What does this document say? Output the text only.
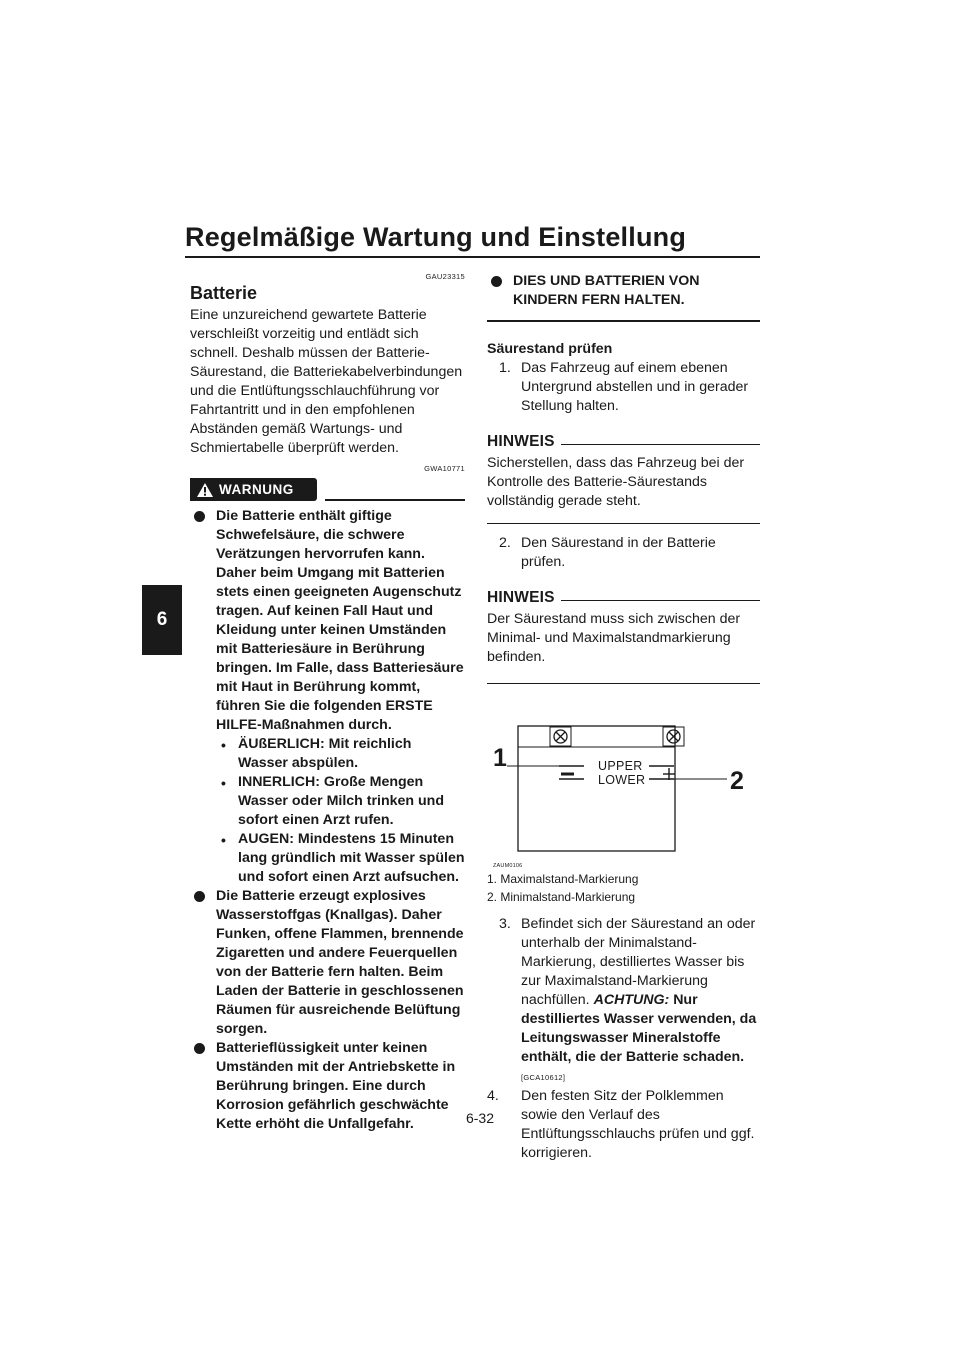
Regelmäßige Wartung und Einstellung
6
GAU23315
Batterie

Eine unzureichend gewartete Batterie verschleißt vorzeitig und entlädt sich schnell. Deshalb müssen der Batterie-Säurestand, die Batteriekabelverbindungen und die Entlüftungsschlauchführung vor Fahrtantritt und in den empfohlenen Abständen gemäß Wartungs- und Schmiertabelle überprüft werden.

GWA10771
WARNUNG
Die Batterie enthält giftige Schwefelsäure, die schwere Verätzungen hervorrufen kann. Daher beim Umgang mit Batterien stets einen geeigneten Augenschutz tragen. Auf keinen Fall Haut und Kleidung unter keinen Umständen mit Batteriesäure in Berührung bringen. Im Falle, dass Batteriesäure mit Haut in Berührung kommt, führen Sie die folgenden ERSTE HILFE-Maßnahmen durch.
• ÄUßERLICH: Mit reichlich Wasser abspülen.
• INNERLICH: Große Mengen Wasser oder Milch trinken und sofort einen Arzt rufen.
• AUGEN: Mindestens 15 Minuten lang gründlich mit Wasser spülen und sofort einen Arzt aufsuchen.
Die Batterie erzeugt explosives Wasserstoffgas (Knallgas). Daher Funken, offene Flammen, brennende Zigaretten und andere Feuerquellen von der Batterie fern halten. Beim Laden der Batterie in geschlossenen Räumen für ausreichende Belüftung sorgen.
Batterieflüssigkeit unter keinen Umständen mit der Antriebskette in Berührung bringen. Eine durch Korrosion gefährlich geschwächte Kette erhöht die Unfallgefahr.
DIES UND BATTERIEN VON KINDERN FERN HALTEN.
Säurestand prüfen
1. Das Fahrzeug auf einem ebenen Untergrund abstellen und in gerader Stellung halten.
HINWEIS

Sicherstellen, dass das Fahrzeug bei der Kontrolle des Batterie-Säurestands vollständig gerade steht.

2. Den Säurestand in der Batterie prüfen.
HINWEIS

Der Säurestand muss sich zwischen der Minimal- und Maximalstandmarkierung befinden.

UPPER
LOWER
1
2
ZAUM0106
1. Maximalstand-Markierung
2. Minimalstand-Markierung
3. Befindet sich der Säurestand an oder unterhalb der Minimalstand-Markierung, destilliertes Wasser bis zur Maximalstand-Markierung nachfüllen. ACHTUNG: Nur destilliertes Wasser verwenden, da Leitungswasser Mineralstoffe enthält, die der Batterie schaden. [GCA10612]
4. Den festen Sitz der Polklemmen sowie den Verlauf des Entlüftungsschlauchs prüfen und ggf. korrigieren.
6-32
